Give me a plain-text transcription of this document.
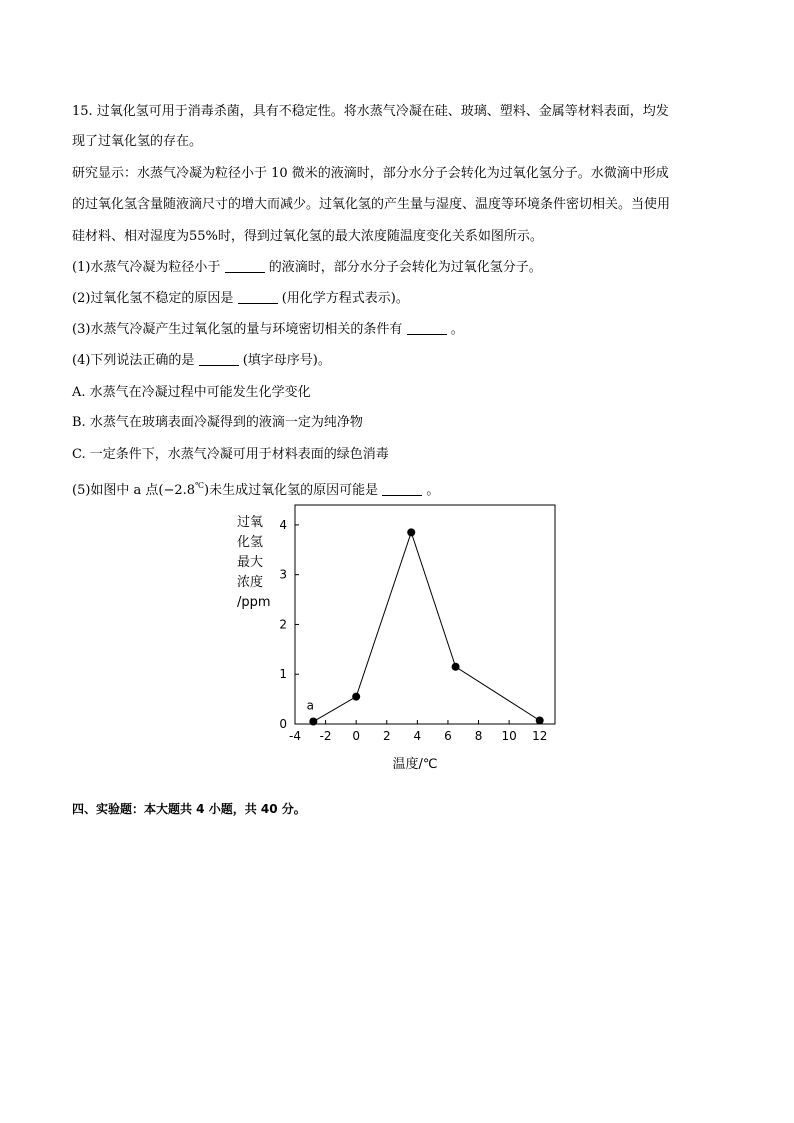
15. 过氧化氢可用于消毒杀菌，具有不稳定性。将水蒸气冷凝在硅、玻璃、塑料、金属等材料表面，均发
现了过氧化氢的存在。
研究显示：水蒸气冷凝为粒径小于 10 微米的液滴时，部分水分子会转化为过氧化氢分子。水微滴中形成
的过氧化氢含量随液滴尺寸的增大而减少。过氧化氢的产生量与湿度、温度等环境条件密切相关。当使用
硅材料、相对湿度为55%时，得到过氧化氢的最大浓度随温度变化关系如图所示。
(1)水蒸气冷凝为粒径小于	的液滴时，部分水分子会转化为过氧化氢分子。
(2)过氧化氢不稳定的原因是	(用化学方程式表示)。
(3)水蒸气冷凝产生过氧化氢的量与环境密切相关的条件有	。
(4)下列说法正确的是	(填字母序号)。
A. 水蒸气在冷凝过程中可能发生化学变化
B. 水蒸气在玻璃表面冷凝得到的液滴一定为纯净物
C. 一定条件下，水蒸气冷凝可用于材料表面的绿色消毒
(5)如图中 a 点(−2.8℃)未生成过氧化氢的原因可能是	。
过氧
化氢
最大
浓度
/ppm
-4 -2 0 2 4 6 8 10 12
0
1
2
3
4
a
温度/℃
四、实验题：本大题共 4 小题，共 40 分。
